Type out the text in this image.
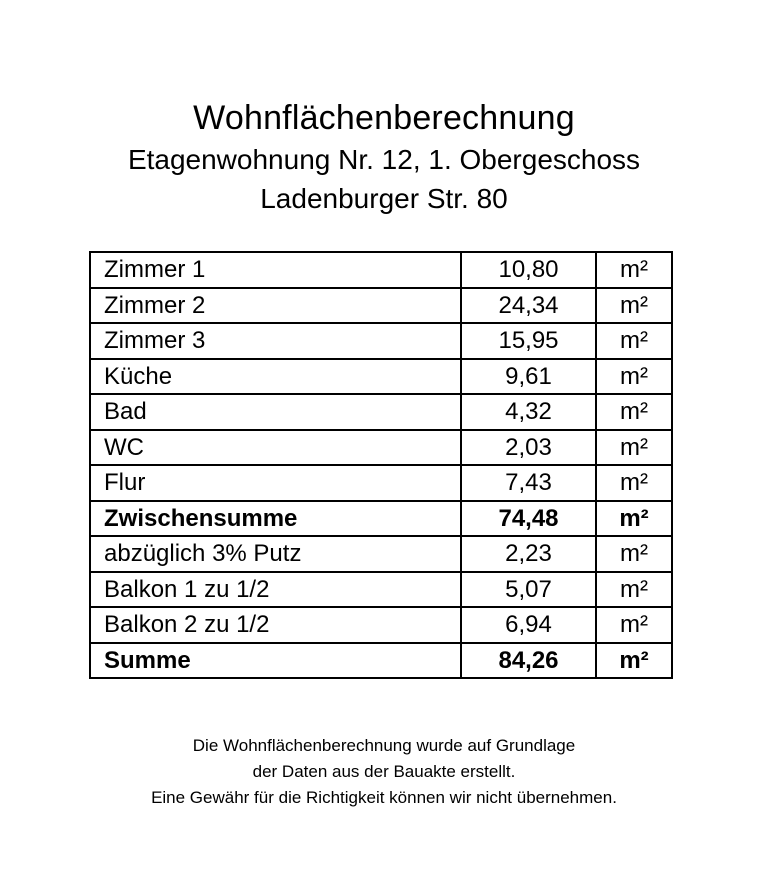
Wohnflächenberechnung
Etagenwohnung Nr. 12, 1. Obergeschoss
Ladenburger Str. 80
Zimmer 1	10,80	m²
Zimmer 2	24,34	m²
Zimmer 3	15,95	m²
Küche	9,61	m²
Bad	4,32	m²
WC	2,03	m²
Flur	7,43	m²
Zwischensumme	74,48	m²
abzüglich 3% Putz	2,23	m²
Balkon 1 zu 1/2	5,07	m²
Balkon 2 zu 1/2	6,94	m²
Summe	84,26	m²
Die Wohnflächenberechnung wurde auf Grundlage
der Daten aus der Bauakte erstellt.
Eine Gewähr für die Richtigkeit können wir nicht übernehmen.
